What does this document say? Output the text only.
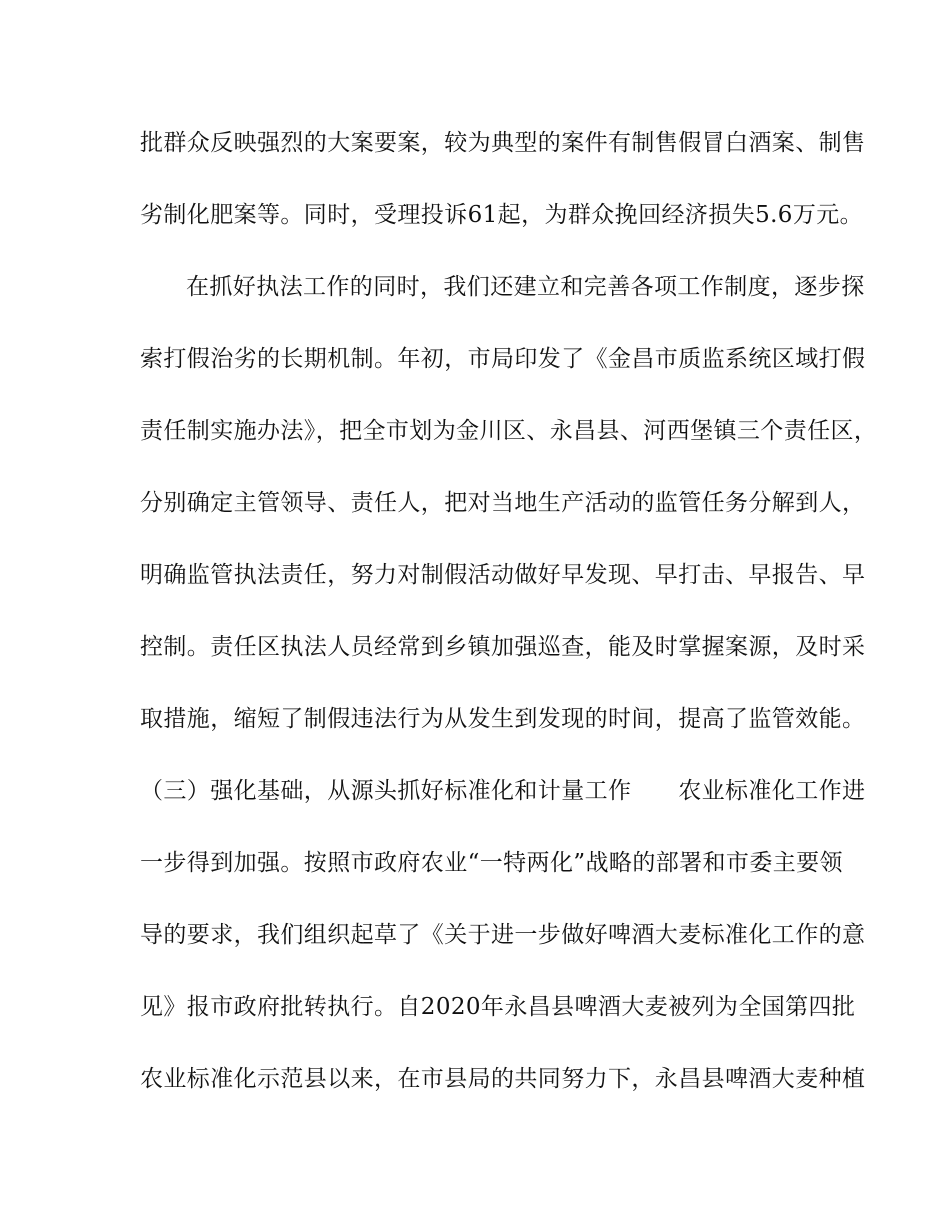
批群众反映强烈的大案要案，较为典型的案件有制售假冒白酒案、制售
劣制化肥案等。同时，受理投诉61起，为群众挽回经济损失5.6万元。
在抓好执法工作的同时，我们还建立和完善各项工作制度，逐步探
索打假治劣的长期机制。年初，市局印发了《金昌市质监系统区域打假
责任制实施办法》，把全市划为金川区、永昌县、河西堡镇三个责任区，
分别确定主管领导、责任人，把对当地生产活动的监管任务分解到人，
明确监管执法责任，努力对制假活动做好早发现、早打击、早报告、早
控制。责任区执法人员经常到乡镇加强巡查，能及时掌握案源，及时采
取措施，缩短了制假违法行为从发生到发现的时间，提高了监管效能。
（三）强化基础，从源头抓好标准化和计量工作　　农业标准化工作进
一步得到加强。按照市政府农业“一特两化”战略的部署和市委主要领
导的要求，我们组织起草了《关于进一步做好啤酒大麦标准化工作的意
见》报市政府批转执行。自2020年永昌县啤酒大麦被列为全国第四批
农业标准化示范县以来，在市县局的共同努力下，永昌县啤酒大麦种植
